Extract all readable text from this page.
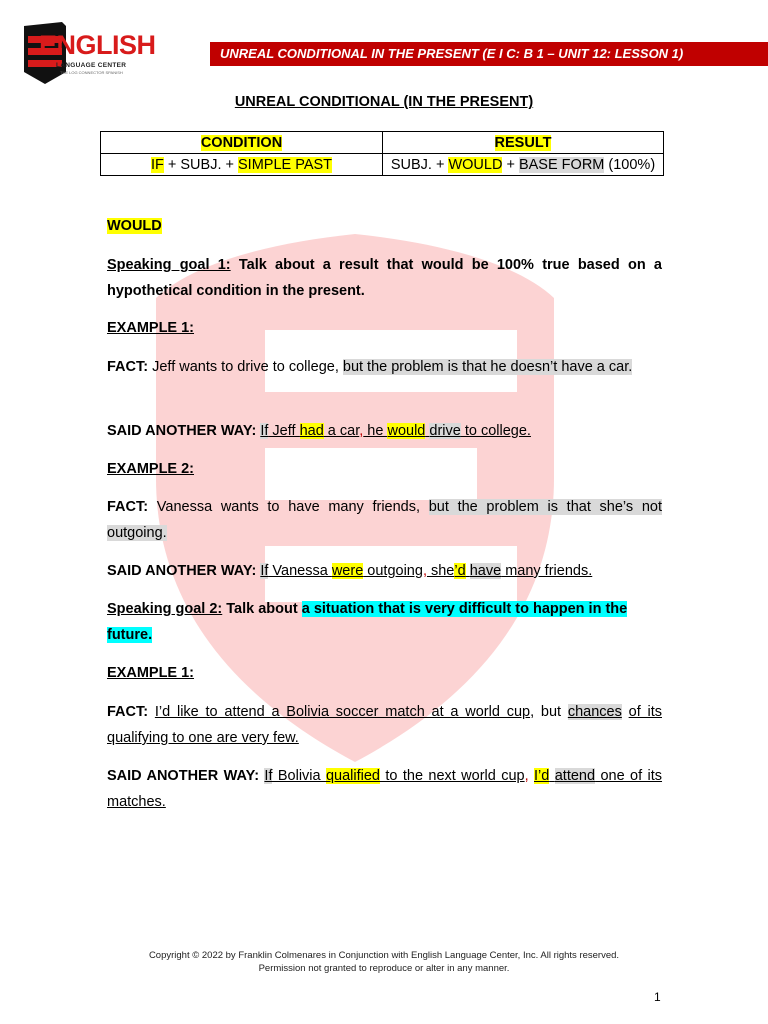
ENGLISH
LANGUAGE CENTER
THE LOG CONNECTOR SPANISH
UNREAL CONDITIONAL IN THE PRESENT (E I C: B 1 – UNIT 12: LESSON 1)
UNREAL CONDITIONAL (IN THE PRESENT)
CONDITION	RESULT
IF + SUBJ. + SIMPLE PAST	SUBJ. + WOULD + BASE FORM (100%)
WOULD
Speaking goal 1: Talk about a result that would be 100% true based on a hypothetical condition in the present.
EXAMPLE 1:
FACT: Jeff wants to drive to college, but the problem is that he doesn’t have a car.
SAID ANOTHER WAY: If Jeff had a car, he would drive to college.
EXAMPLE 2:
FACT: Vanessa wants to have many friends, but the problem is that she’s not outgoing.
SAID ANOTHER WAY: If Vanessa were outgoing, she’d have many friends.
Speaking goal 2: Talk about a situation that is very difficult to happen in the future.
EXAMPLE 1:
FACT: I’d like to attend a Bolivia soccer match at a world cup, but chances of its qualifying to one are very few.
SAID ANOTHER WAY: If Bolivia qualified to the next world cup, I’d attend one of its matches.
Copyright © 2022 by Franklin Colmenares in Conjunction with English Language Center, Inc. All rights reserved.
Permission not granted to reproduce or alter in any manner.
1
